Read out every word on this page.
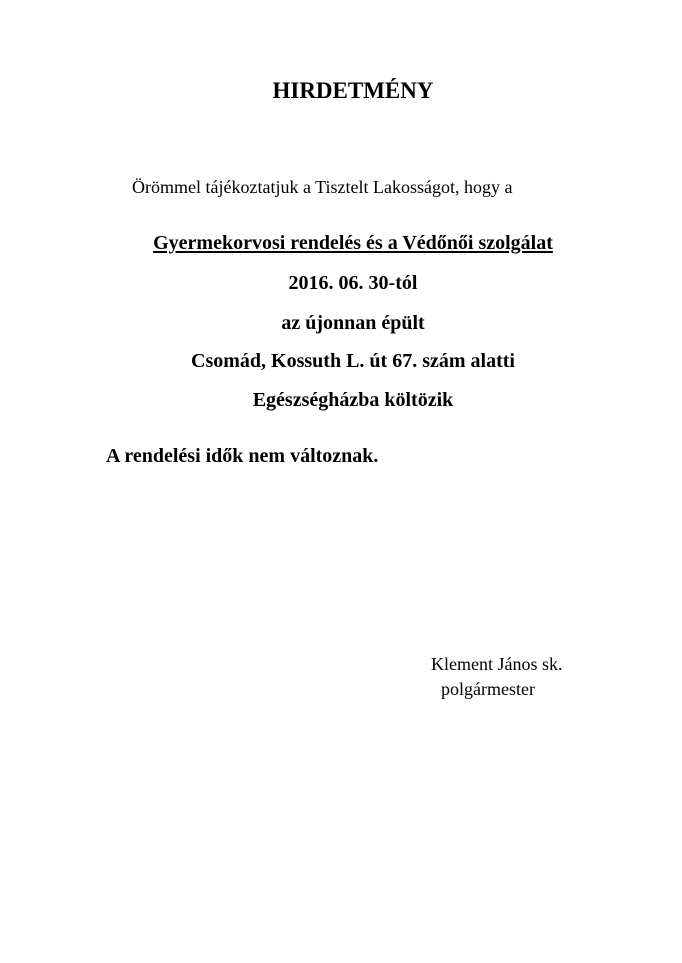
HIRDETMÉNY
Örömmel tájékoztatjuk a Tisztelt Lakosságot, hogy a
Gyermekorvosi rendelés és a Védőnői szolgálat
2016. 06. 30-tól
az újonnan épült
Csomád, Kossuth L. út 67. szám alatti
Egészségházba költözik
A rendelési idők nem változnak.
Klement János sk.
polgármester
